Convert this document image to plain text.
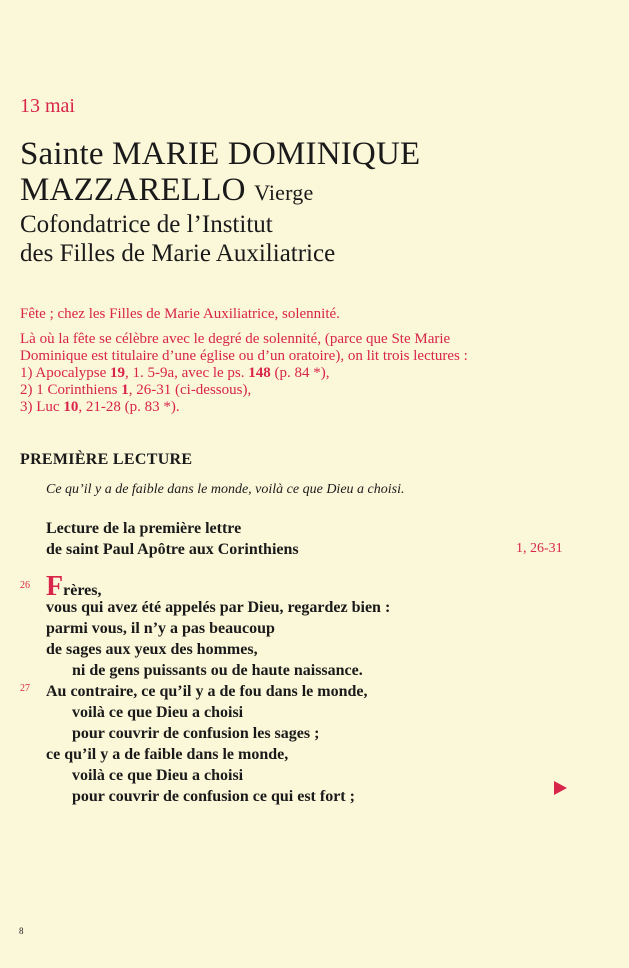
13 mai
Sainte MARIE DOMINIQUE
MAZZARELLO Vierge
Cofondatrice de l’Institut
des Filles de Marie Auxiliatrice
Fête ; chez les Filles de Marie Auxiliatrice, solennité.
Là où la fête se célèbre avec le degré de solennité, (parce que Ste Marie
Dominique est titulaire d’une église ou d’un oratoire), on lit trois lectures :
1) Apocalypse 19, 1. 5-9a, avec le ps. 148 (p. 84 *),
2) 1 Corinthiens 1, 26-31 (ci-dessous),
3) Luc 10, 21-28 (p. 83 *).
PREMIÈRE LECTURE
Ce qu’il y a de faible dans le monde, voilà ce que Dieu a choisi.
Lecture de la première lettre
de saint Paul Apôtre aux Corinthiens	1, 26-31
26
27
Frères,
vous qui avez été appelés par Dieu, regardez bien :
parmi vous, il n’y a pas beaucoup
de sages aux yeux des hommes,
ni de gens puissants ou de haute naissance.
Au contraire, ce qu’il y a de fou dans le monde,
voilà ce que Dieu a choisi
pour couvrir de confusion les sages ;
ce qu’il y a de faible dans le monde,
voilà ce que Dieu a choisi
pour couvrir de confusion ce qui est fort ;
8
